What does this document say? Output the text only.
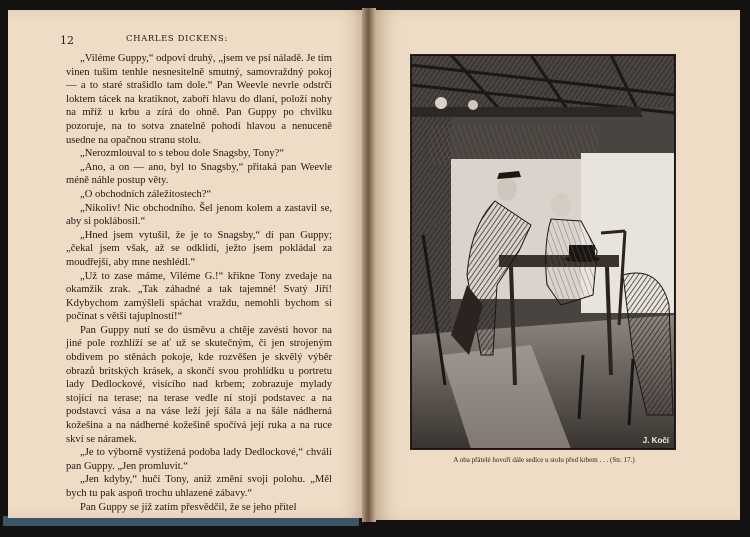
12	CHARLES DICKENS:

„Viléme Guppy,“ odpoví druhý, „jsem ve psí náladě. Je tím vinen tušim tenhle nesnesitelně smutný, samovraždný pokoj — a to staré strašidlo tam dole.“ Pan Weevle nevrle odstrčí loktem tácek na kratiknot, zaboří hlavu do dlaní, položí nohy na mříž u krbu a zírá do ohně. Pan Guppy po chvilku pozoruje, na to sotva znatelně pohodí hlavou a nenuceně usedne na opačnou stranu stolu.

„Nerozmlouval to s tebou dole Snagsby, Tony?“

„Ano, a on — ano, byl to Snagsby,“ přitaká pan Weevle méně náhle postup věty.

„O obchodních záležitostech?“

„Nikoliv! Nic obchodního. Šel jenom kolem a zastavil se, aby si poklábosil.“

„Hned jsem vytušil, že je to Snagsby,“ dí pan Guppy; „čekal jsem však, až se odklidí, ježto jsem pokládal za moudřejší, aby mne neshlédl.“

„Už to zase máme, Viléme G.!“ křikne Tony zvedaje na okamžik zrak. „Tak záhadné a tak tajemné! Svatý Jiří! Kdybychom zamýšleli spáchat vraždu, nemohli bychom si počínat s větší tajuplností!“

Pan Guppy nutí se do úsměvu a chtěje zavésti hovor na jiné pole rozhlíží se ať už se skutečným, či jen strojeným obdivem po stěnách pokoje, kde rozvěšen je skvělý výběr obrazů britských krásek, a skončí svou prohlídku u portretu lady Dedlockové, visícího nad krbem; zobrazuje mylady stojící na terase; na terase vedle ní stojí podstavec a na podstavci vása a na váse leží její šála a na šále nádherná kožešina a na nádherné kožešině spočívá její ruka a na ruce skví se náramek.

„Je to výborně vystižená podoba lady Dedlockové,“ chválí pan Guppy. „Jen promluvit.“

„Jen kdyby,“ hučí Tony, aniž změní svoji polohu. „Měl bych tu pak aspoň trochu uhlazené zábavy.“

Pan Guppy se již zatím přesvědčil, že se jeho přítel

J. Kočí
A oba přátelé hovoří dále sedíce u stolu před krbem . . . (Str. 17.)
